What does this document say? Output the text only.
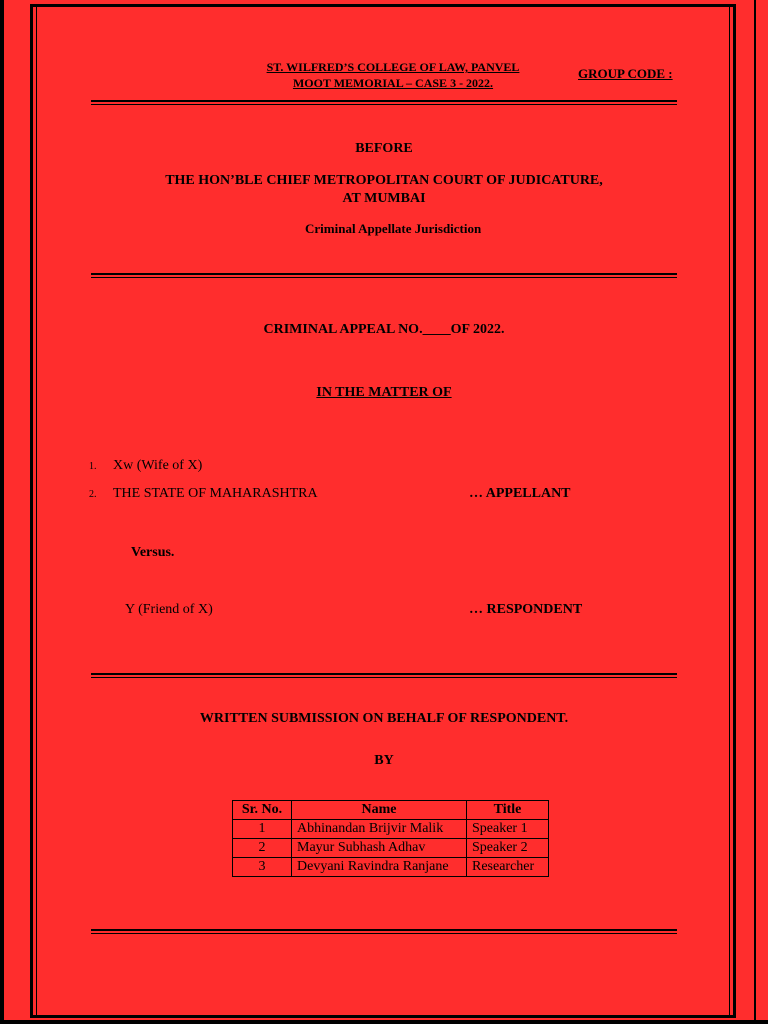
ST. WILFRED’S COLLEGE OF LAW, PANVEL
MOOT MEMORIAL – CASE 3 - 2022.
GROUP CODE :
BEFORE
THE HON’BLE CHIEF METROPOLITAN COURT OF JUDICATURE, AT MUMBAI
Criminal Appellate Jurisdiction
CRIMINAL APPEAL NO.____OF 2022.
IN THE MATTER OF
1. Xw (Wife of X)
2. THE STATE OF MAHARASHTRA	… APPELLANT
Versus.
Y (Friend of X)	… RESPONDENT
WRITTEN SUBMISSION ON BEHALF OF RESPONDENT.
BY
Sr. No.	Name	Title
1	Abhinandan Brijvir Malik	Speaker 1
2	Mayur Subhash Adhav	Speaker 2
3	Devyani Ravindra Ranjane	Researcher
